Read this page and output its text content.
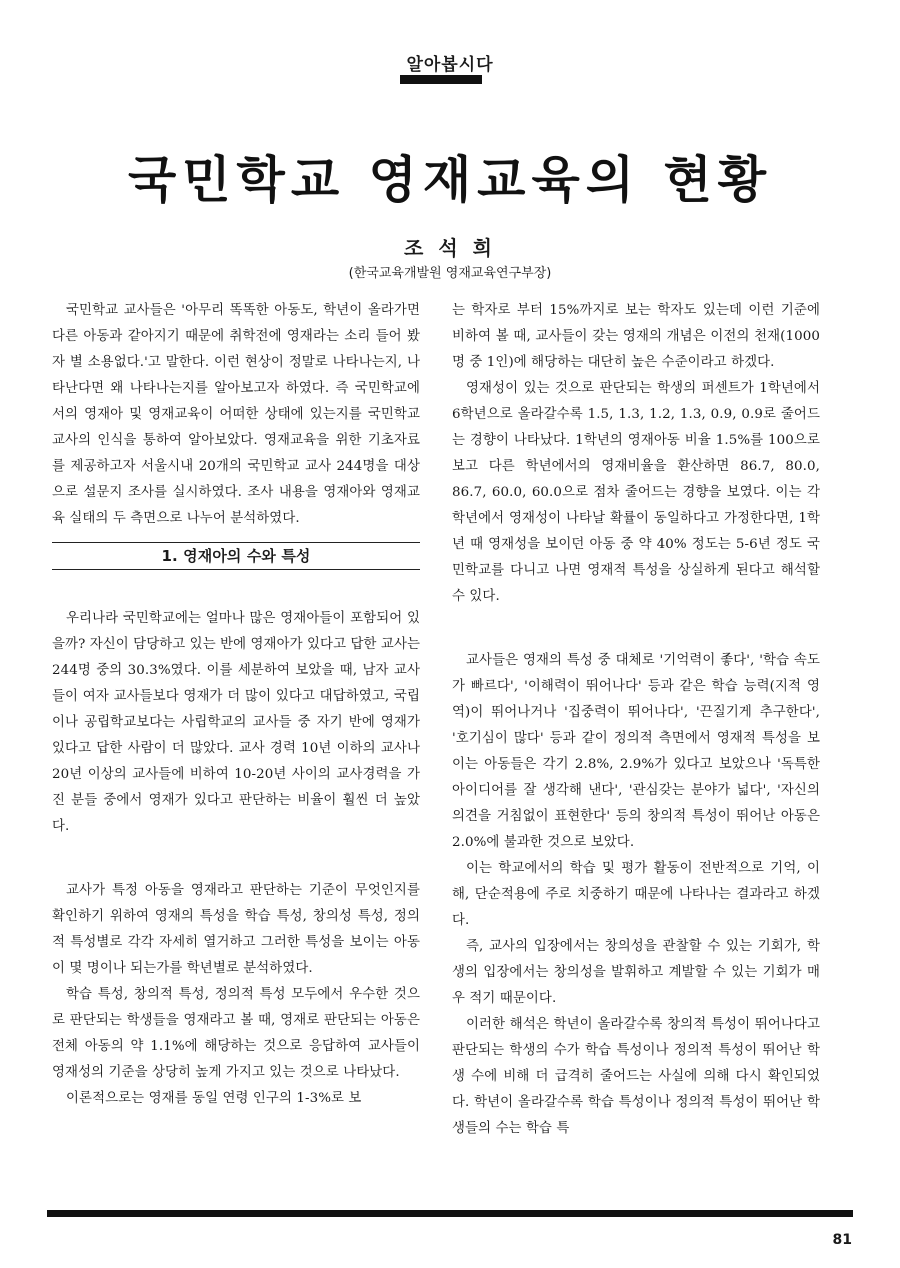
알아봅시다
국민학교 영재교육의 현황
조 석 희
(한국교육개발원 영재교육연구부장)

국민학교 교사들은 '아무리 똑똑한 아동도, 학년이 올라가면 다른 아동과 같아지기 때문에 취학전에 영재라는 소리 들어 봤자 별 소용없다.'고 말한다. 이런 현상이 정말로 나타나는지, 나타난다면 왜 나타나는지를 알아보고자 하였다. 즉 국민학교에서의 영재아 및 영재교육이 어떠한 상태에 있는지를 국민학교 교사의 인식을 통하여 알아보았다. 영재교육을 위한 기초자료를 제공하고자 서울시내 20개의 국민학교 교사 244명을 대상으로 설문지 조사를 실시하였다. 조사 내용을 영재아와 영재교육 실태의 두 측면으로 나누어 분석하였다.

1. 영재아의 수와 특성

우리나라 국민학교에는 얼마나 많은 영재아들이 포함되어 있을까? 자신이 담당하고 있는 반에 영재아가 있다고 답한 교사는 244명 중의 30.3%였다. 이를 세분하여 보았을 때, 남자 교사들이 여자 교사들보다 영재가 더 많이 있다고 대답하였고, 국립이나 공립학교보다는 사립학교의 교사들 중 자기 반에 영재가 있다고 답한 사람이 더 많았다. 교사 경력 10년 이하의 교사나 20년 이상의 교사들에 비하여 10-20년 사이의 교사경력을 가진 분들 중에서 영재가 있다고 판단하는 비율이 훨씬 더 높았다.

교사가 특정 아동을 영재라고 판단하는 기준이 무엇인지를 확인하기 위하여 영재의 특성을 학습 특성, 창의성 특성, 정의적 특성별로 각각 자세히 열거하고 그러한 특성을 보이는 아동이 몇 명이나 되는가를 학년별로 분석하였다.

학습 특성, 창의적 특성, 정의적 특성 모두에서 우수한 것으로 판단되는 학생들을 영재라고 볼 때, 영재로 판단되는 아동은 전체 아동의 약 1.1%에 해당하는 것으로 응답하여 교사들이 영재성의 기준을 상당히 높게 가지고 있는 것으로 나타났다.

이론적으로는 영재를 동일 연령 인구의 1-3%로 보

는 학자로 부터 15%까지로 보는 학자도 있는데 이런 기준에 비하여 볼 때, 교사들이 갖는 영재의 개념은 이전의 천재(1000명 중 1인)에 해당하는 대단히 높은 수준이라고 하겠다.

영재성이 있는 것으로 판단되는 학생의 퍼센트가 1학년에서 6학년으로 올라갈수록 1.5, 1.3, 1.2, 1.3, 0.9, 0.9로 줄어드는 경향이 나타났다. 1학년의 영재아동 비율 1.5%를 100으로 보고 다른 학년에서의 영재비율을 환산하면 86.7, 80.0, 86.7, 60.0, 60.0으로 점차 줄어드는 경향을 보였다. 이는 각 학년에서 영재성이 나타날 확률이 동일하다고 가정한다면, 1학년 때 영재성을 보이던 아동 중 약 40% 정도는 5-6년 정도 국민학교를 다니고 나면 영재적 특성을 상실하게 된다고 해석할 수 있다.

교사들은 영재의 특성 중 대체로 '기억력이 좋다', '학습 속도가 빠르다', '이해력이 뛰어나다' 등과 같은 학습 능력(지적 영역)이 뛰어나거나 '집중력이 뛰어나다', '끈질기게 추구한다', '호기심이 많다' 등과 같이 정의적 측면에서 영재적 특성을 보이는 아동들은 각기 2.8%, 2.9%가 있다고 보았으나 '독특한 아이디어를 잘 생각해 낸다', '관심갖는 분야가 넓다', '자신의 의견을 거침없이 표현한다' 등의 창의적 특성이 뛰어난 아동은 2.0%에 불과한 것으로 보았다.

이는 학교에서의 학습 및 평가 활동이 전반적으로 기억, 이해, 단순적용에 주로 치중하기 때문에 나타나는 결과라고 하겠다.

즉, 교사의 입장에서는 창의성을 관찰할 수 있는 기회가, 학생의 입장에서는 창의성을 발휘하고 계발할 수 있는 기회가 매우 적기 때문이다.

이러한 해석은 학년이 올라갈수록 창의적 특성이 뛰어나다고 판단되는 학생의 수가 학습 특성이나 정의적 특성이 뛰어난 학생 수에 비해 더 급격히 줄어드는 사실에 의해 다시 확인되었다. 학년이 올라갈수록 학습 특성이나 정의적 특성이 뛰어난 학생들의 수는 학습 특

81
